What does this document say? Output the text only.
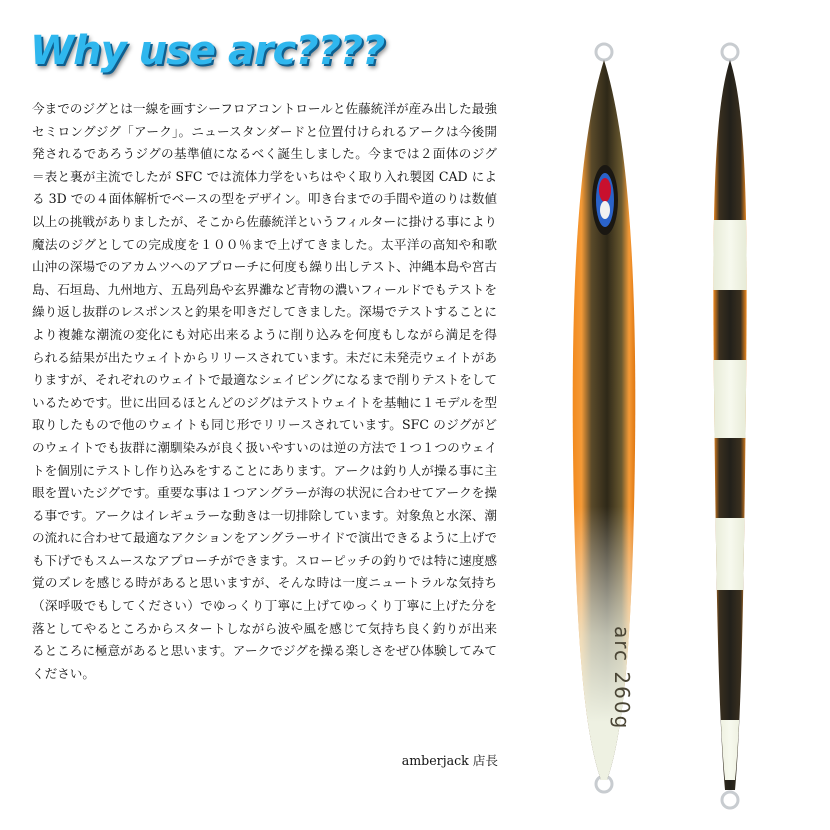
Why use arc????

今までのジグとは一線を画すシーフロアコントロールと佐藤統洋が産み出した最強セミロングジグ「アーク」。ニュースタンダードと位置付けられるアークは今後開発されるであろうジグの基準値になるべく誕生しました。今までは２面体のジグ＝表と裏が主流でしたが SFC では流体力学をいちはやく取り入れ製図 CAD による 3D での４面体解析でベースの型をデザイン。叩き台までの手間や道のりは数値以上の挑戦がありましたが、そこから佐藤統洋というフィルターに掛ける事により魔法のジグとしての完成度を１００％まで上げてきました。太平洋の高知や和歌山沖の深場でのアカムツへのアプローチに何度も繰り出しテスト、沖縄本島や宮古島、石垣島、九州地方、五島列島や玄界灘など青物の濃いフィールドでもテストを繰り返し抜群のレスポンスと釣果を叩きだしてきました。深場でテストすることにより複雑な潮流の変化にも対応出来るように削り込みを何度もしながら満足を得られる結果が出たウェイトからリリースされています。未だに未発売ウェイトがありますが、それぞれのウェイトで最適なシェイピングになるまで削りテストをしているためです。世に出回るほとんどのジグはテストウェイトを基軸に１モデルを型取りしたもので他のウェイトも同じ形でリリースされています。SFC のジグがどのウェイトでも抜群に潮馴染みが良く扱いやすいのは逆の方法で１つ１つのウェイトを個別にテストし作り込みをすることにあります。アークは釣り人が操る事に主眼を置いたジグです。重要な事は１つアングラーが海の状況に合わせてアークを操る事です。アークはイレギュラーな動きは一切排除しています。対象魚と水深、潮の流れに合わせて最適なアクションをアングラーサイドで演出できるように上げでも下げでもスムースなアプローチができます。スローピッチの釣りでは特に速度感覚のズレを感じる時があると思いますが、そんな時は一度ニュートラルな気持ち（深呼吸でもしてください）でゆっくり丁寧に上げてゆっくり丁寧に上げた分を落としてやるところからスタートしながら波や風を感じて気持ち良く釣りが出来るところに極意があると思います。アークでジグを操る楽しさをぜひ体験してみてください。

amberjack 店長
arc 260g
